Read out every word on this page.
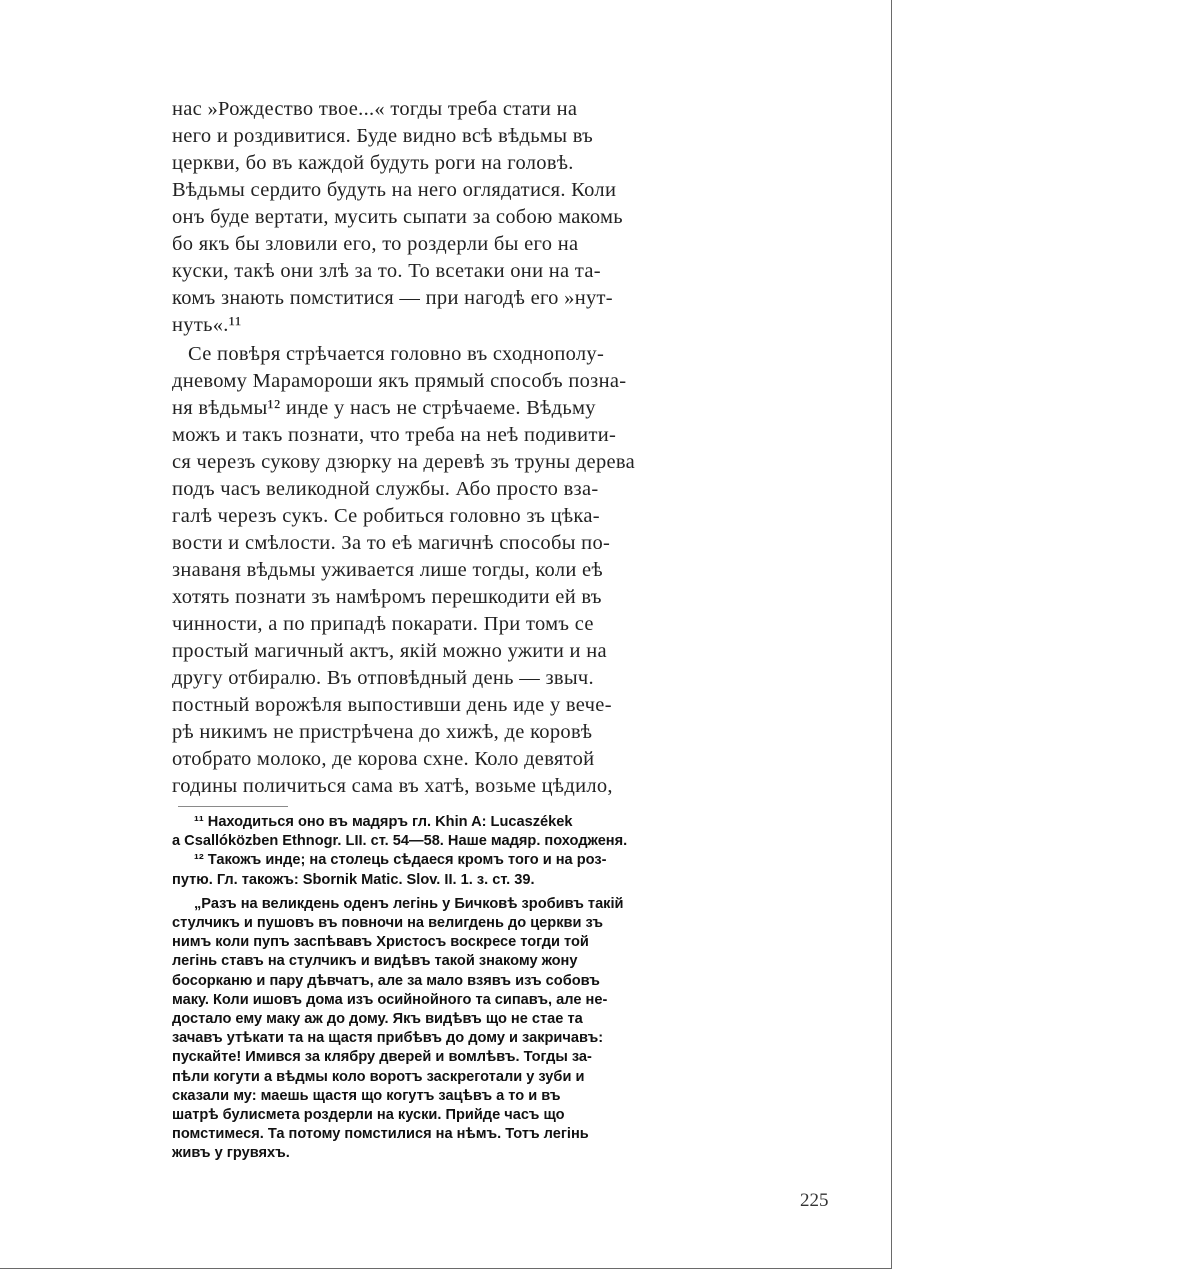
нас »Рождество твое...« тогды треба стати на
него и роздивитися. Буде видно всѣ вѣдьмы въ
церкви, бо въ каждой будуть роги на головѣ.
Вѣдьмы сердито будуть на него оглядатися. Коли
онъ буде вертати, мусить сыпати за собою макомь
бо якъ бы зловили его, то роздерли бы его на
куски, такѣ они злѣ за то. То всетаки они на та-
комъ знають помститися — при нагодѣ его »нут-
нуть«.¹¹

Се повѣря стрѣчается головно въ сходнополу-
дневому Марамороши якъ прямый способъ позна-
ня вѣдьмы¹² инде у насъ не стрѣчаеме. Вѣдьму
можъ и такъ познати, что треба на неѣ подивити-
ся черезъ сукову дзюрку на деревѣ зъ труны дерева
подъ часъ великодной службы. Або просто взa-
галѣ черезъ сукъ. Се робиться головно зъ цѣка-
вости и смѣлости. За то еѣ магичнѣ способы по-
знаваня вѣдьмы уживается лише тогды, коли еѣ
хотять познати зъ намѣромъ перешкодити ей въ
чинности, а по припадѣ покарати. При томъ се
простый магичный актъ, якій можно ужити и на
другу отбиралю. Въ отповѣдный день — звыч.
постный ворожѣля выпостивши день иде у вечe-
рѣ никимъ не пристрѣчена до хижѣ, де коровѣ
отобрато молоко, де корова схне. Коло девятой
годины поличиться сама въ хатѣ, возьме цѣдило,

¹¹ Находиться оно въ мадяръ гл. Khin A: Lucaszékek
a Csallóközben Ethnogr. LII. ст. 54—58. Наше мадяр. походженя.
¹² Такожъ инде; на столець сѣдаеся кромъ того и на роз-
путю. Гл. такожъ: Sbornik Matic. Slov. II. 1. з. ст. 39.
„Разъ на великдень оденъ легінь у Бичковѣ зробивъ такій
стулчикъ и пушовъ въ повночи на велигдень до церкви зъ
нимъ коли пупъ заспѣвавъ Христосъ воскресе тогди той
легінь ставъ на стулчикъ и видѣвъ такой знакому жону
босорканю и пару дѣвчатъ, але за мало взявъ изъ собовъ
маку. Коли ишовъ дома изъ осийнойного та сипавъ, але не-
достало ему маку аж до дому. Якъ видѣвъ що не стае та
зачавъ утѣкати та на щастя прибѣвъ до дому и закричавъ:
пускайте! Имився за клябру дверей и вомлѣвъ. Тогды за-
пѣли когути а вѣдмы коло воротъ заскреготали у зуби и
сказали му: маешь щастя що когутъ зацѣвъ а то и въ
шатрѣ булисмета роздерли на куски. Прийде часъ що
помстимеся. Та потому помстилися на нѣмъ. Тотъ легінь
живъ у грувяхъ.
225
